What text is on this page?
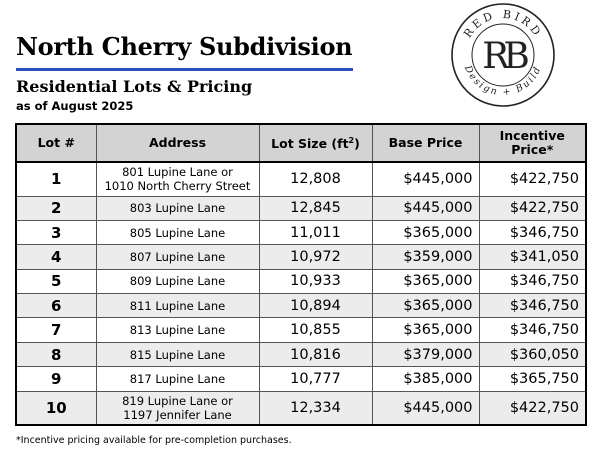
North Cherry Subdivision
Residential Lots & Pricing
as of August 2025
RED BIRD
Design + Build
RB
Lot #	Address	Lot Size $(ft^2)$	Base Price	Incentive
Price*
1	801 Lupine Lane or
1010 North Cherry Street	12,808	$445,000	$422,750
2	803 Lupine Lane	12,845	$445,000	$422,750
3	805 Lupine Lane	11,011	$365,000	$346,750
4	807 Lupine Lane	10,972	$359,000	$341,050
5	809 Lupine Lane	10,933	$365,000	$346,750
6	811 Lupine Lane	10,894	$365,000	$346,750
7	813 Lupine Lane	10,855	$365,000	$346,750
8	815 Lupine Lane	10,816	$379,000	$360,050
9	817 Lupine Lane	10,777	$385,000	$365,750
10	819 Lupine Lane or
1197 Jennifer Lane	12,334	$445,000	$422,750
*Incentive pricing available for pre-completion purchases.
